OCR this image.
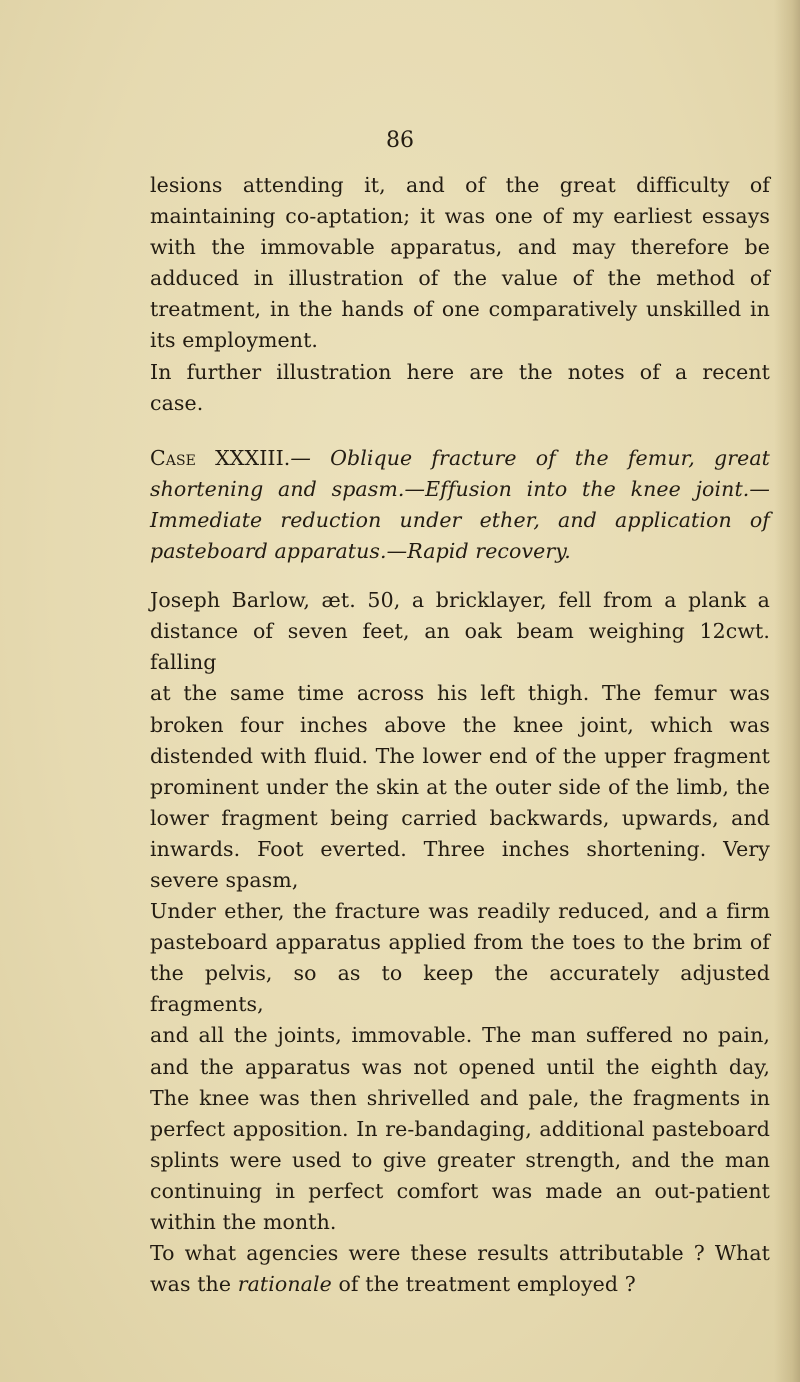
86

lesions attending it, and of the great difficulty of

maintaining co-aptation; it was one of my earliest essays

with the immovable apparatus, and may therefore be

adduced in illustration of the value of the method of

treatment, in the hands of one comparatively unskilled in

its employment.

In further illustration here are the notes of a recent

case.

Case XXXIII.— Oblique fracture of the femur, great

shortening and spasm.—Effusion into the knee joint.—

Immediate reduction under ether, and application of

pasteboard apparatus.—Rapid recovery.

Joseph Barlow, æt. 50, a bricklayer, fell from a plank a

distance of seven feet, an oak beam weighing 12cwt. falling

at the same time across his left thigh. The femur was

broken four inches above the knee joint, which was

distended with fluid. The lower end of the upper fragment

prominent under the skin at the outer side of the limb, the

lower fragment being carried backwards, upwards, and

inwards. Foot everted. Three inches shortening. Very

severe spasm,

Under ether, the fracture was readily reduced, and a firm

pasteboard apparatus applied from the toes to the brim of

the pelvis, so as to keep the accurately adjusted fragments,

and all the joints, immovable. The man suffered no pain,

and the apparatus was not opened until the eighth day,

The knee was then shrivelled and pale, the fragments in

perfect apposition. In re-bandaging, additional pasteboard

splints were used to give greater strength, and the man

continuing in perfect comfort was made an out-patient

within the month.

To what agencies were these results attributable ? What

was the rationale of the treatment employed ?
